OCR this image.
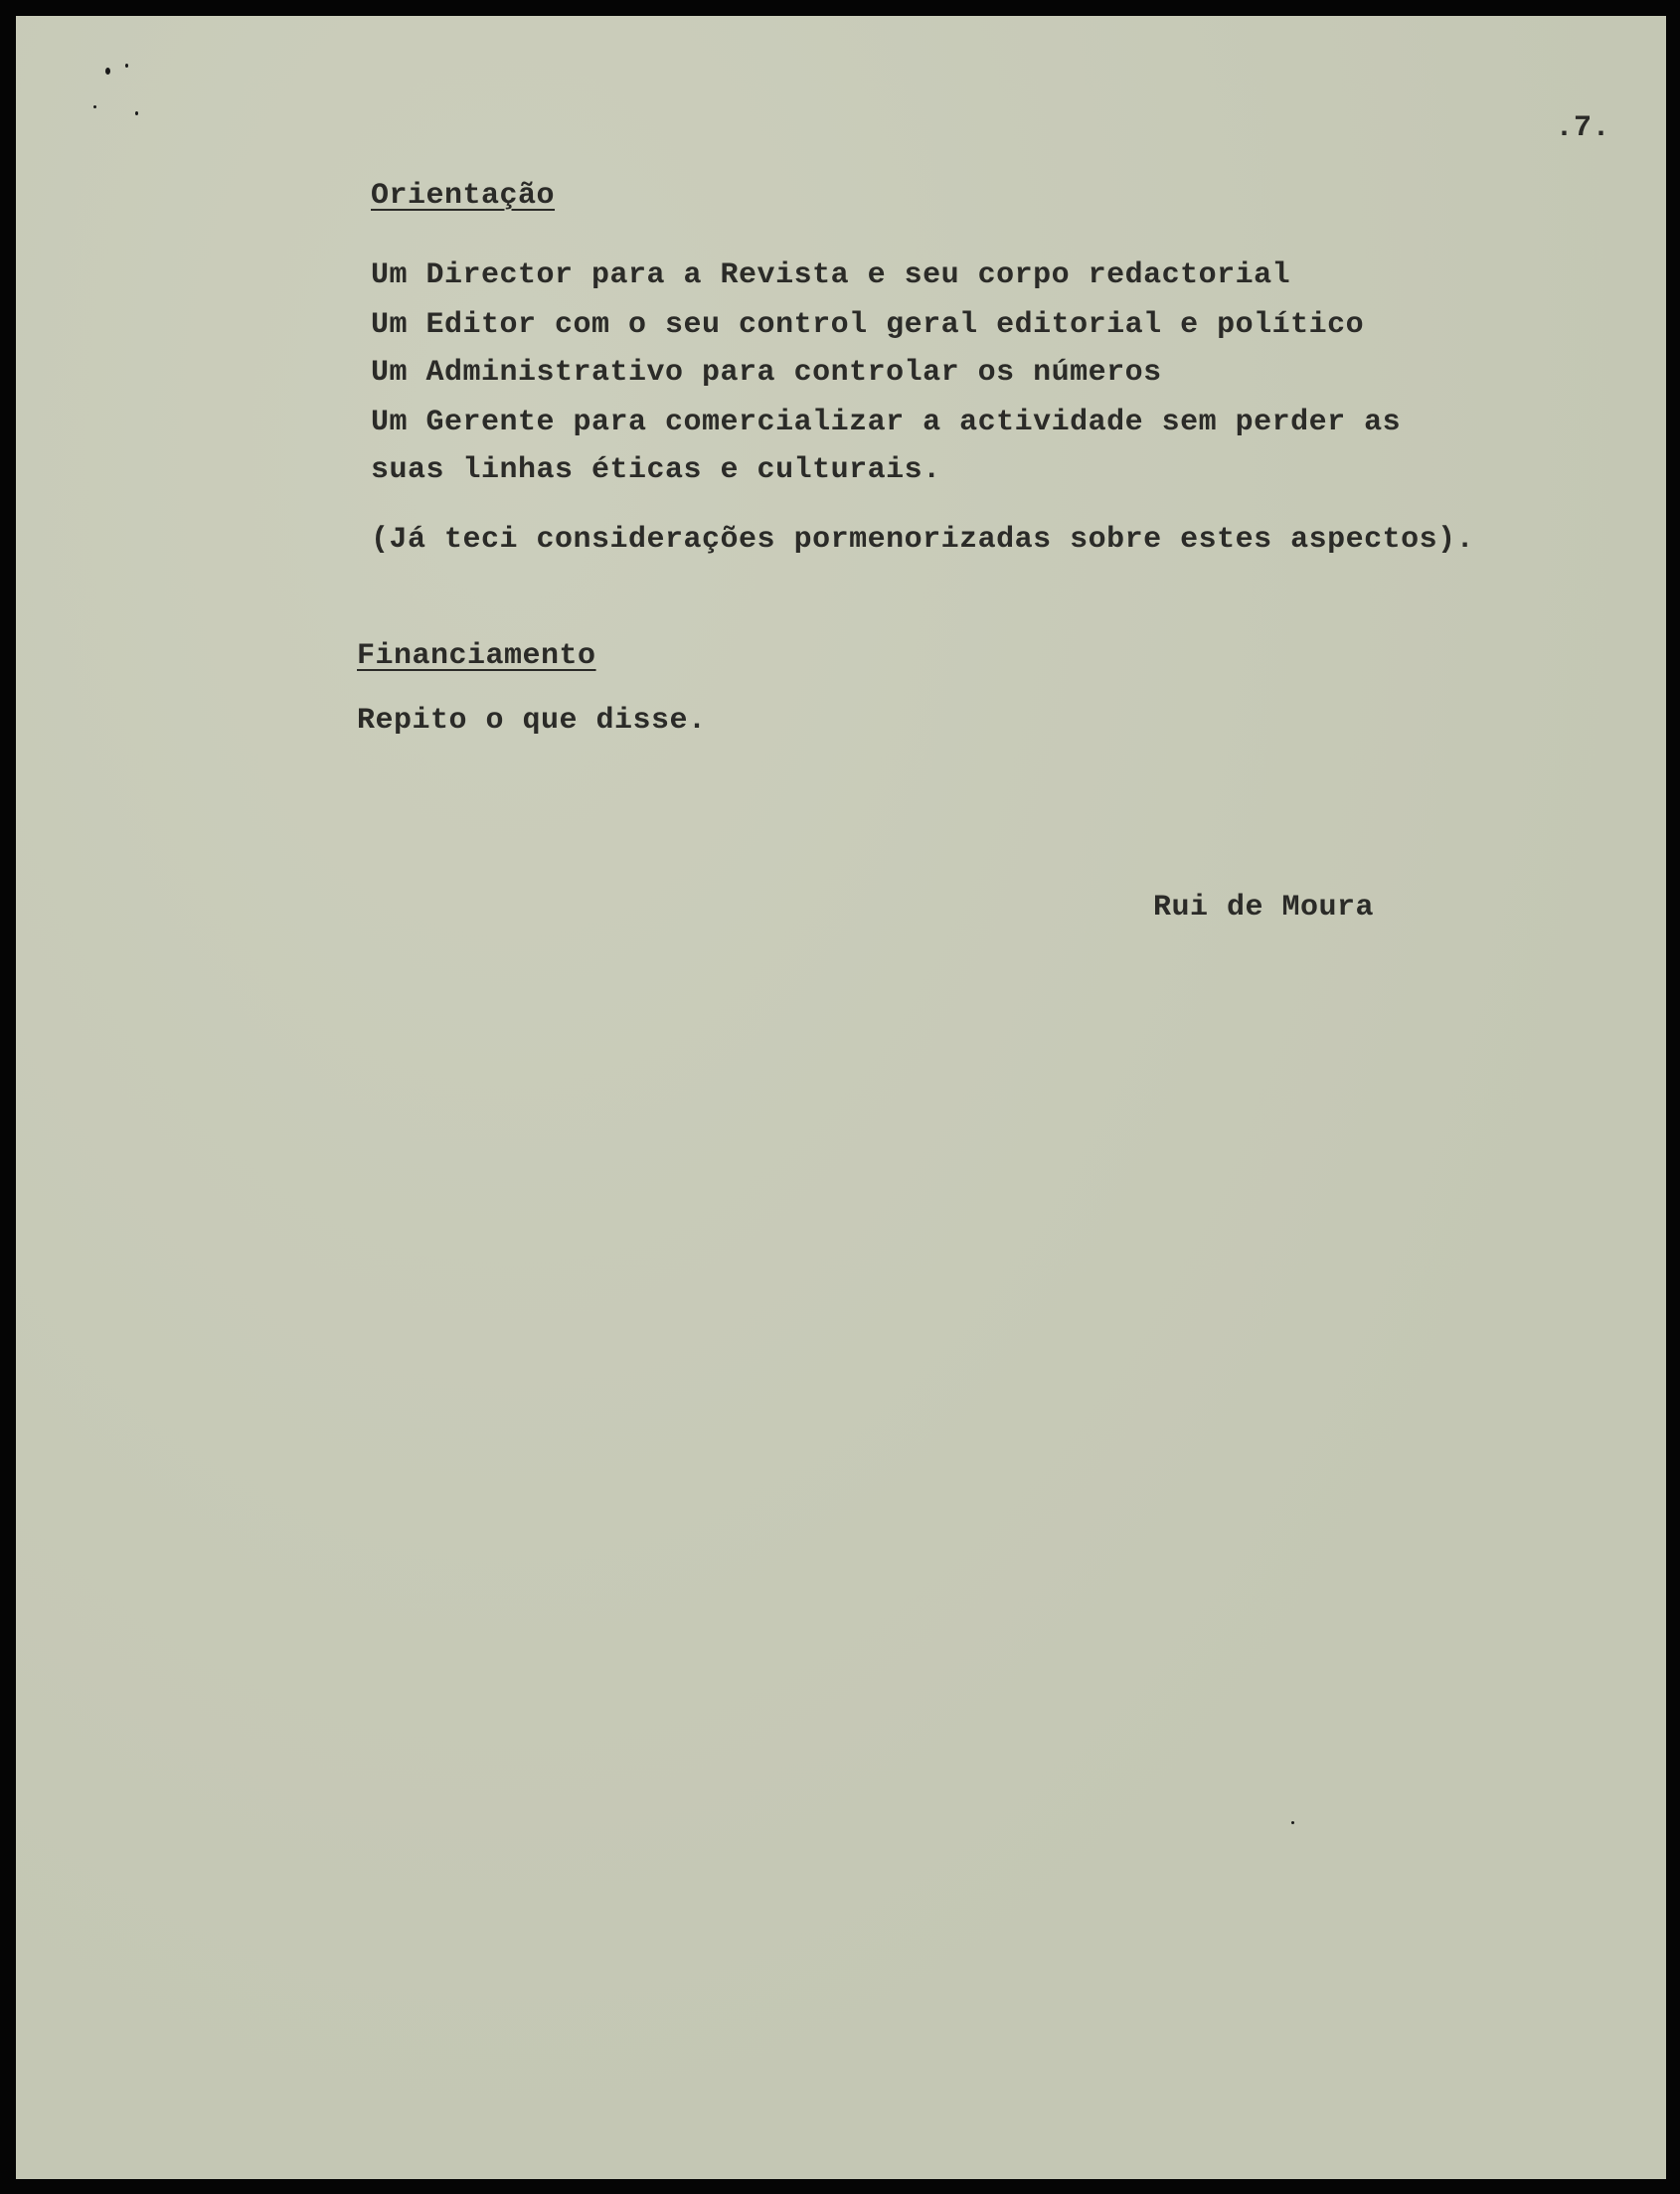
.7.
Orientação
Um Director para a Revista e seu corpo redactorial
Um Editor com o seu control geral editorial e político
Um Administrativo para controlar os números
Um Gerente para comercializar a actividade sem perder as
suas linhas éticas e culturais.
(Já teci considerações pormenorizadas sobre estes aspectos).
Financiamento
Repito o que disse.
Rui de Moura
